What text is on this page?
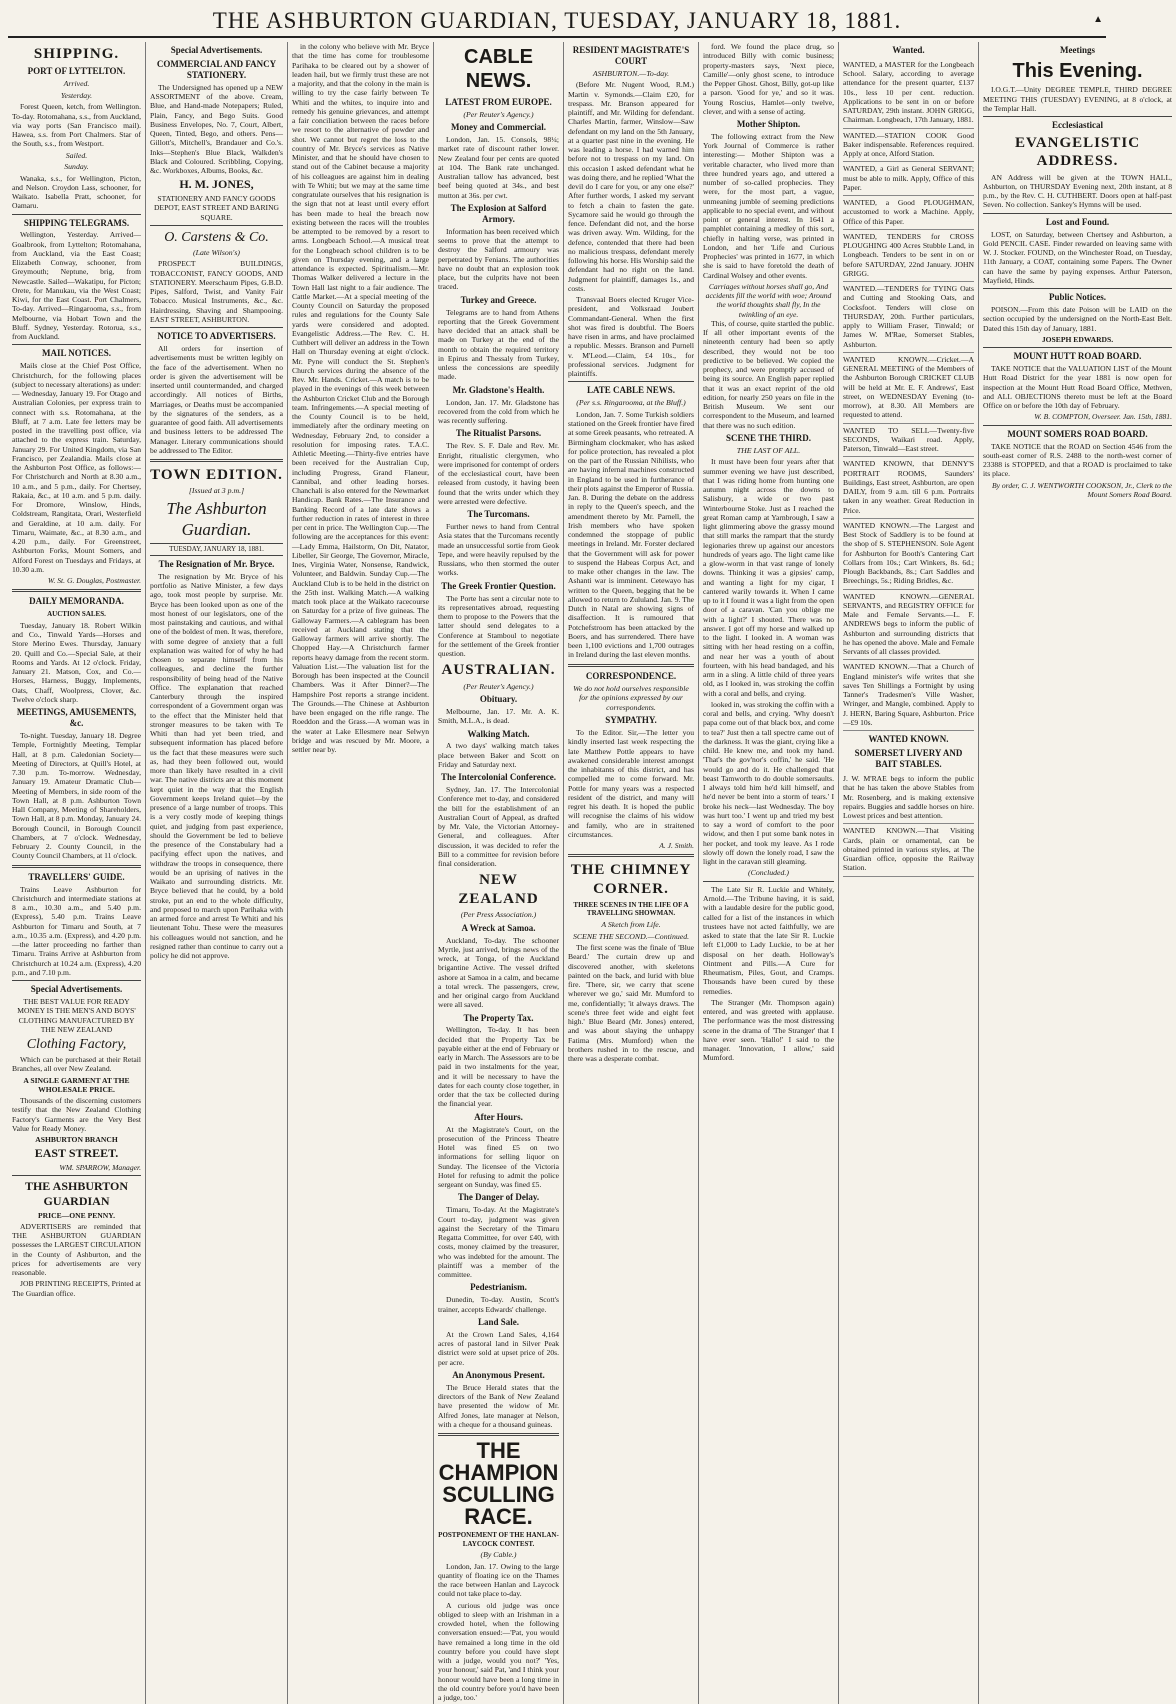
THE ASHBURTON GUARDIAN, TUESDAY, JANUARY 18, 1881.	▲
SHIPPING.
PORT OF LYTTELTON.
Arrived.
Yesterday.

Forest Queen, ketch, from Wellington. To-day. Rotomahana, s.s., from Auckland, via way ports (San Francisco mail). Hawea, s.s. from Port Chalmers. Star of the South, s.s., from Westport.

Sailed.
Sunday.

Wanaka, s.s., for Wellington, Picton, and Nelson. Croydon Lass, schooner, for Waikato. Isabella Pratt, schooner, for Oamaru.

SHIPPING TELEGRAMS.

Wellington, Yesterday. Arrived—Goalbrook, from Lyttelton; Rotomahana, from Auckland, via the East Coast; Elizabeth Conway, schooner, from Greymouth; Neptune, brig, from Newcastle. Sailed—Wakatipu, for Picton; Orete, for Manukau, via the West Coast; Kiwi, for the East Coast. Port Chalmers, To-day. Arrived—Ringarooma, s.s., from Melbourne, via Hobart Town and the Bluff. Sydney, Yesterday. Rotorua, s.s., from Auckland.

MAIL NOTICES.

Mails close at the Chief Post Office, Christchurch, for the following places (subject to necessary alterations) as under:— Wednesday, January 19. For Otago and Australian Colonies, per express train to connect with s.s. Rotomahana, at the Bluff, at 7 a.m. Late fee letters may be posted in the travelling post office, via attached to the express train. Saturday, January 29. For United Kingdom, via San Francisco, per Zealandia. Mails close at the Ashburton Post Office, as follows:— For Christchurch and North at 8.30 a.m., 10 a.m., and 5 p.m., daily. For Chertsey, Rakaia, &c., at 10 a.m. and 5 p.m. daily. For Dromore, Winslow, Hinds, Coldstream, Rangitata, Orari, Westerfield and Geraldine, at 10 a.m. daily. For Timaru, Waimate, &c., at 8.30 a.m., and 4.20 p.m., daily. For Greenstreet, Ashburton Forks, Mount Somers, and Alford Forest on Tuesdays and Fridays, at 10.30 a.m.

W. St. G. Douglas, Postmaster.
DAILY MEMORANDA.
AUCTION SALES.

Tuesday, January 18. Robert Wilkin and Co., Tinwald Yards—Horses and Store Merino Ewes. Thursday, January 20. Quill and Co.—Special Sale, at their Rooms and Yards. At 12 o'clock. Friday, January 21. Matson, Cox, and Co.—Horses, Harness, Buggy, Implements, Oats, Chaff, Woolpress, Clover, &c. Twelve o'clock sharp.

MEETINGS, AMUSEMENTS, &c.

To-night. Tuesday, January 18. Degree Temple, Fortnightly Meeting, Templar Hall, at 8 p.m. Caledonian Society—Meeting of Directors, at Quill's Hotel, at 7.30 p.m. To-morrow. Wednesday, January 19. Amateur Dramatic Club—Meeting of Members, in side room of the Town Hall, at 8 p.m. Ashburton Town Hall Company, Meeting of Shareholders, Town Hall, at 8 p.m. Monday, January 24. Borough Council, in Borough Council Chambers, at 7 o'clock. Wednesday, February 2. County Council, in the County Council Chambers, at 11 o'clock.

TRAVELLERS' GUIDE.

Trains Leave Ashburton for Christchurch and intermediate stations at 8 a.m., 10.30 a.m., and 5.40 p.m. (Express), 5.40 p.m. Trains Leave Ashburton for Timaru and South, at 7 a.m., 10.35 a.m. (Express), and 4.20 p.m.—the latter proceeding no farther than Timaru. Trains Arrive at Ashburton from Christchurch at 10.24 a.m. (Express), 4.20 p.m., and 7.10 p.m.

Special Advertisements.
THE BEST VALUE FOR READY MONEY IS THE MEN'S AND BOYS' CLOTHING MANUFACTURED BY THE NEW ZEALAND
Clothing Factory,

Which can be purchased at their Retail Branches, all over New Zealand.

A SINGLE GARMENT AT THE WHOLESALE PRICE.

Thousands of the discerning customers testify that the New Zealand Clothing Factory's Garments are the Very Best Value for Ready Money.

ASHBURTON BRANCH
EAST STREET.
WM. SPARROW, Manager.
THE ASHBURTON GUARDIAN
PRICE—ONE PENNY.

ADVERTISERS are reminded that THE ASHBURTON GUARDIAN possesses the LARGEST CIRCULATION in the County of Ashburton, and the prices for advertisements are very reasonable.

JOB PRINTING RECEIPTS, Printed at The Guardian office.

Special Advertisements.
COMMERCIAL AND FANCY STATIONERY.

The Undersigned has opened up a NEW ASSORTMENT of the above. Cream, Blue, and Hand-made Notepapers; Ruled, Plain, Fancy, and Bego Suits. Good Business Envelopes, No. 7, Court, Albert, Queen, Tinted, Bego, and others. Pens—Gillott's, Mitchell's, Brandauer and Co.'s. Inks—Stephen's Blue Black, Walkden's Black and Coloured. Scribbling, Copying, &c. Workboxes, Albums, Books, &c.

H. M. JONES,
STATIONERY AND FANCY GOODS DEPOT, EAST STREET AND BARING SQUARE.
O. Carstens & Co.
(Late Wilson's)

PROSPECT BUILDINGS, TOBACCONIST, FANCY GOODS, AND STATIONERY. Meerschaum Pipes, G.B.D. Pipes, Salford, Twist, and Vanity Fair Tobacco. Musical Instruments, &c., &c. Hairdressing, Shaving and Shampooing. EAST STREET, ASHBURTON.

NOTICE TO ADVERTISERS.

All orders for insertion of advertisements must be written legibly on the face of the advertisement. When no order is given the advertisement will be inserted until countermanded, and charged accordingly. All notices of Births, Marriages, or Deaths must be accompanied by the signatures of the senders, as a guarantee of good faith. All advertisements and business letters to be addressed The Manager. Literary communications should be addressed to The Editor.

TOWN EDITION.
[Issued at 3 p.m.]
The Ashburton Guardian.
TUESDAY, JANUARY 18, 1881.
The Resignation of Mr. Bryce.

The resignation by Mr. Bryce of his portfolio as Native Minister, a few days ago, took most people by surprise. Mr. Bryce has been looked upon as one of the most honest of our legislators, one of the most painstaking and cautious, and withal one of the boldest of men. It was, therefore, with some degree of anxiety that a full explanation was waited for of why he had chosen to separate himself from his colleagues, and decline the further responsibility of being head of the Native Office. The explanation that reached Canterbury through the inspired correspondent of a Government organ was to the effect that the Minister held that stronger measures to be taken with Te Whiti than had yet been tried, and subsequent information has placed before us the fact that these measures were such as, had they been followed out, would more than likely have resulted in a civil war. The native districts are at this moment kept quiet in the way that the English Government keeps Ireland quiet—by the presence of a large number of troops. This is a very costly mode of keeping things quiet, and judging from past experience, should the Government be led to believe the presence of the Constabulary had a pacifying effect upon the natives, and withdraw the troops in consequence, there would be an uprising of natives in the Waikato and surrounding districts. Mr. Bryce believed that he could, by a bold stroke, put an end to the whole difficulty, and proposed to march upon Parihaka with an armed force and arrest Te Whiti and his lieutenant Tohu. These were the measures his colleagues would not sanction, and he resigned rather than continue to carry out a policy he did not approve.

in the colony who believe with Mr. Bryce that the time has come for troublesome Parihaka to be cleared out by a shower of leaden hail, but we firmly trust these are not a majority, and that the colony in the main is willing to try the case fairly between Te Whiti and the whites, to inquire into and remedy his genuine grievances, and attempt a fair conciliation between the races before we resort to the alternative of powder and shot. We cannot but regret the loss to the country of Mr. Bryce's services as Native Minister, and that he should have chosen to stand out of the Cabinet because a majority of his colleagues are against him in dealing with Te Whiti; but we may at the same time congratulate ourselves that his resignation is the sign that not at least until every effort has been made to heal the breach now existing between the races will the troubles be attempted to be removed by a resort to arms. Longbeach School.—A musical treat for the Longbeach school children is to be given on Thursday evening, and a large attendance is expected. Spiritualism.—Mr. Thomas Walker delivered a lecture in the Town Hall last night to a fair audience. The Cattle Market.—At a special meeting of the County Council on Saturday the proposed rules and regulations for the County Sale yards were considered and adopted. Evangelistic Address.—The Rev. C. H. Cuthbert will deliver an address in the Town Hall on Thursday evening at eight o'clock. Mr. Pyne will conduct the St. Stephen's Church services during the absence of the Rev. Mr. Hands. Cricket.—A match is to be played in the evenings of this week between the Ashburton Cricket Club and the Borough team. Infringements.—A special meeting of the County Council is to be held, immediately after the ordinary meeting on Wednesday, February 2nd, to consider a resolution for imposing rates. T.A.C. Athletic Meeting.—Thirty-five entries have been received for the Australian Cup, including Progress, Grand Flaneur, Cannibal, and other leading horses. Chanchali is also entered for the Newmarket Handicap. Bank Rates.—The Insurance and Banking Record of a late date shows a further reduction in rates of interest in three per cent in price. The Wellington Cup.—The following are the acceptances for this event:—Lady Emma, Hailstorm, On Dit, Natator, Libeller, Sir George, The Governor, Miracle, Ines, Virginia Water, Nonsense, Randwick, Volunteer, and Baldwin. Sunday Cup.—The Auckland Club is to be held in the district on the 25th inst. Walking Match.—A walking match took place at the Waikato racecourse on Saturday for a prize of five guineas. The Galloway Farmers.—A cablegram has been received at Auckland stating that the Galloway farmers will arrive shortly. The Chopped Hay.—A Christchurch farmer reports heavy damage from the recent storm. Valuation List.—The valuation list for the Borough has been inspected at the Council Chambers. Was it After Dinner?—The Hampshire Post reports a strange incident. The Grounds.—The Chinese at Ashburton have been engaged on the rifle range. The Roeddon and the Grass.—A woman was in the water at Lake Ellesmere near Selwyn bridge and was rescued by Mr. Moore, a settler near by.

CABLE NEWS.
LATEST FROM EUROPE.
(Per Reuter's Agency.)
Money and Commercial.

London, Jan. 15. Consols, 98¼; market rate of discount rather lower. New Zealand four per cents are quoted at 104. The Bank rate unchanged. Australian tallow has advanced, best beef being quoted at 34s., and best mutton at 36s. per cwt.

The Explosion at Salford Armory.

Information has been received which seems to prove that the attempt to destroy the Salford armoury was perpetrated by Fenians. The authorities have no doubt that an explosion took place, but the culprits have not been traced.

Turkey and Greece.

Telegrams are to hand from Athens reporting that the Greek Government have decided that an attack shall be made on Turkey at the end of the month to obtain the required territory in Epirus and Thessaly from Turkey, unless the concessions are speedily made.

Mr. Gladstone's Health.

London, Jan. 17. Mr. Gladstone has recovered from the cold from which he was recently suffering.

The Ritualist Parsons.

The Rev. S. F. Dale and Rev. Mr. Enright, ritualistic clergymen, who were imprisoned for contempt of orders of the ecclesiastical court, have been released from custody, it having been found that the writs under which they were arrested were defective.

The Turcomans.

Further news to hand from Central Asia states that the Turcomans recently made an unsuccessful sortie from Geok Tepe, and were heavily repulsed by the Russians, who then stormed the outer works.

The Greek Frontier Question.

The Porte has sent a circular note to its representatives abroad, requesting them to propose to the Powers that the latter should send delegates to a Conference at Stamboul to negotiate for the settlement of the Greek frontier question.

AUSTRALIAN.
(Per Reuter's Agency.)
Obituary.

Melbourne, Jan. 17. Mr. A. K. Smith, M.L.A., is dead.

Walking Match.

A two days' walking match takes place between Baker and Scott on Friday and Saturday next.

The Intercolonial Conference.

Sydney, Jan. 17. The Intercolonial Conference met to-day, and considered the bill for the establishment of an Australian Court of Appeal, as drafted by Mr. Vale, the Victorian Attorney-General, and colleagues. After discussion, it was decided to refer the Bill to a committee for revision before final consideration.

NEW ZEALAND
(Per Press Association.)
A Wreck at Samoa.

Auckland, To-day. The schooner Myrtle, just arrived, brings news of the wreck, at Tonga, of the Auckland brigantine Active. The vessel drifted ashore at Samoa in a calm, and became a total wreck. The passengers, crew, and her original cargo from Auckland were all saved.

The Property Tax.

Wellington, To-day. It has been decided that the Property Tax be payable either at the end of February or early in March. The Assessors are to be paid in two instalments for the year, and it will be necessary to have the dates for each county close together, in order that the tax be collected during the financial year.

After Hours.

At the Magistrate's Court, on the prosecution of the Princess Theatre Hotel was fined £5 on two informations for selling liquor on Sunday. The licensee of the Victoria Hotel for refusing to admit the police sergeant on Sunday, was fined £5.

The Danger of Delay.

Timaru, To-day. At the Magistrate's Court to-day, judgment was given against the Secretary of the Timaru Regatta Committee, for over £40, with costs, money claimed by the treasurer, who was indebted for the amount. The plaintiff was a member of the committee.

Pedestrianism.

Dunedin, To-day. Austin, Scott's trainer, accepts Edwards' challenge.

Land Sale.

At the Crown Land Sales, 4,164 acres of pastoral land in Silver Peak district were sold at upset price of 20s. per acre.

An Anonymous Present.

The Bruce Herald states that the directors of the Bank of New Zealand have presented the widow of Mr. Alfred Jones, late manager at Nelson, with a cheque for a thousand guineas.

THE CHAMPION SCULLING RACE.
POSTPONEMENT OF THE HANLAN-LAYCOCK CONTEST.
(By Cable.)

London, Jan. 17. Owing to the large quantity of floating ice on the Thames the race between Hanlan and Laycock could not take place to-day.

A curious old judge was once obliged to sleep with an Irishman in a crowded hotel, when the following conversation ensued:—'Pat, you would have remained a long time in the old country before you could have slept with a judge, would you not?' 'Yes, your honour,' said Pat, 'and I think your honour would have been a long time in the old country before you'd have been a judge, too.'

RESIDENT MAGISTRATE'S COURT
ASHBURTON.—To-day.

(Before Mr. Nugent Wood, R.M.) Martin v. Symonds.—Claim £20, for trespass. Mr. Branson appeared for plaintiff, and Mr. Wilding for defendant. Charles Martin, farmer, Winslow—Saw defendant on my land on the 5th January, at a quarter past nine in the evening. He was leading a horse. I had warned him before not to trespass on my land. On this occasion I asked defendant what he was doing there, and he replied 'What the devil do I care for you, or any one else?' After further words, I asked my servant to fetch a chain to fasten the gate. Sycamore said he would go through the fence. Defendant did not, and the horse was driven away. Wm. Wilding, for the defence, contended that there had been no malicious trespass, defendant merely following his horse. His Worship said the defendant had no right on the land. Judgment for plaintiff, damages 1s., and costs.

Transvaal Boers elected Kruger Vice-president, and Volksraad Joubert Commandant-General. When the first shot was fired is doubtful. The Boers have risen in arms, and have proclaimed a republic. Messrs. Branson and Purnell v. M'Leod.—Claim, £4 10s., for professional services. Judgment for plaintiffs.

LATE CABLE NEWS.
(Per s.s. Ringarooma, at the Bluff.)

London, Jan. 7. Some Turkish soldiers stationed on the Greek frontier have fired at some Greek peasants, who retreated. A Birmingham clockmaker, who has asked for police protection, has revealed a plot on the part of the Russian Nihilists, who are having infernal machines constructed in England to be used in furtherance of their plots against the Emperor of Russia. Jan. 8. During the debate on the address in reply to the Queen's speech, and the amendment thereto by Mr. Parnell, the Irish members who have spoken condemned the stoppage of public meetings in Ireland. Mr. Forster declared that the Government will ask for power to suspend the Habeas Corpus Act, and to make other changes in the law. The Ashanti war is imminent. Cetewayo has written to the Queen, begging that he be allowed to return to Zululand. Jan. 9. The Dutch in Natal are showing signs of disaffection. It is rumoured that Potchefstroom has been attacked by the Boers, and has surrendered. There have been 1,100 evictions and 1,700 outrages in Ireland during the last eleven months.

CORRESPONDENCE.
We do not hold ourselves responsible for the opinions expressed by our correspondents.
SYMPATHY.

To the Editor. Sir,—The letter you kindly inserted last week respecting the late Matthew Pottle appears to have awakened considerable interest amongst the inhabitants of this district, and has compelled me to come forward. Mr. Pottle for many years was a respected resident of the district, and many will regret his death. It is hoped the public will recognise the claims of his widow and family, who are in straitened circumstances.

A. J. Smith.
THE CHIMNEY CORNER.
THREE SCENES IN THE LIFE OF A TRAVELLING SHOWMAN.
A Sketch from Life.
SCENE THE SECOND.—Continued.

The first scene was the finale of 'Blue Beard.' The curtain drew up and discovered another, with skeletons painted on the back, and lurid with blue fire. 'There, sir, we carry that scene wherever we go,' said Mr. Mumford to me, confidentially; 'it always draws. The scene's three feet wide and eight feet high.' Blue Beard (Mr. Jones) entered, and was about slaying the unhappy Fatima (Mrs. Mumford) when the brothers rushed in to the rescue, and there was a desperate combat.

ford. We found the place drug, so introduced Billy with comic business; property-masters says, 'Next piece, Camille'—only ghost scene, to introduce the Pepper Ghost. Ghost, Billy, got-up like a parson. 'Good for ye,' and so it was. Young Roscius, Hamlet—only twelve, clever, and with a sense of acting.

Mother Shipton.

The following extract from the New York Journal of Commerce is rather interesting:— Mother Shipton was a veritable character, who lived more than three hundred years ago, and uttered a number of so-called prophecies. They were, for the most part, a vague, unmeaning jumble of seeming predictions applicable to no special event, and without point or general interest. In 1641 a pamphlet containing a medley of this sort, chiefly in halting verse, was printed in London, and her 'Life and Curious Prophecies' was printed in 1677, in which she is said to have foretold the death of Cardinal Wolsey and other events.

Carriages without horses shall go, And accidents fill the world with woe; Around the world thoughts shall fly, In the twinkling of an eye.

This, of course, quite startled the public. If all other important events of the nineteenth century had been so aptly described, they would not be too predictive to be believed. We copied the prophecy, and were promptly accused of being its source. An English paper replied that it was an exact reprint of the old edition, for nearly 250 years on file in the British Museum. We sent our correspondent to the Museum, and learned that there was no such edition.

SCENE THE THIRD.
THE LAST OF ALL.

It must have been four years after that summer evening we have just described, that I was riding home from hunting one autumn night across the downs to Salisbury, a wide or two past Winterbourne Stoke. Just as I reached the great Roman camp at Yarnbrough, I saw a light glimmering above the grassy mound that still marks the rampart that the sturdy legionaries threw up against our ancestors hundreds of years ago. The light came like a glow-worm in that vast range of lonely downs. Thinking it was a gipsies' camp, and wanting a light for my cigar, I cantered warily towards it. When I came up to it I found it was a light from the open door of a caravan. 'Can you oblige me with a light?' I shouted. There was no answer. I got off my horse and walked up to the light. I looked in. A woman was sitting with her head resting on a coffin, and near her was a youth of about fourteen, with his head bandaged, and his arm in a sling. A little child of three years old, as I looked in, was stroking the coffin with a coral and bells, and crying.

looked in, was stroking the coffin with a coral and bells, and crying. 'Why doesn't papa come out of that black box, and come to tea?' Just then a tall spectre came out of the darkness. It was the giant, crying like a child. He knew me, and took my hand. 'That's the gov'nor's coffin,' he said. 'He would go and do it. He challenged that beast Tamworth to do double somersaults. I always told him he'd kill himself, and he'd never be bent into a storm of tears.' I broke his neck—last Wednesday. The boy was hurt too.' I went up and tried my best to say a word of comfort to the poor widow, and then I put some bank notes in her pocket, and took my leave. As I rode slowly off down the lonely road, I saw the light in the caravan still gleaming.

(Concluded.)

The Late Sir R. Luckie and Whitely, Arnold.—The Tribune having, it is said, with a laudable desire for the public good, called for a list of the instances in which trustees have not acted faithfully, we are asked to state that the late Sir R. Luckie left £1,000 to Lady Luckie, to be at her disposal on her death. Holloway's Ointment and Pills.—A Cure for Rheumatism, Piles, Gout, and Cramps. Thousands have been cured by these remedies.

The Stranger (Mr. Thompson again) entered, and was greeted with applause. The performance was the most distressing scene in the drama of 'The Stranger' that I have ever seen. 'Hallo!' I said to the manager. 'Innovation, I allow,' said Mumford.

Wanted.
WANTED, a MASTER for the Longbeach School. Salary, according to average attendance for the present quarter, £137 10s., less 10 per cent. reduction. Applications to be sent in on or before SATURDAY, 29th instant. JOHN GRIGG, Chairman. Longbeach, 17th January, 1881.
WANTED.—STATION COOK Good Baker indispensable. References required. Apply at once, Alford Station.
WANTED, a Girl as General SERVANT; must be able to milk. Apply, Office of this Paper.
WANTED, a Good PLOUGHMAN, accustomed to work a Machine. Apply, Office of this Paper.
WANTED, TENDERS for CROSS PLOUGHING 400 Acres Stubble Land, in Longbeach. Tenders to be sent in on or before SATURDAY, 22nd January. JOHN GRIGG.
WANTED.—TENDERS for TYING Oats and Cutting and Stooking Oats, and Cocksfoot. Tenders will close on THURSDAY, 20th. Further particulars, apply to William Fraser, Tinwald; or James W. M'Rae, Somerset Stables, Ashburton.
WANTED KNOWN.—Cricket.—A GENERAL MEETING of the Members of the Ashburton Borough CRICKET CLUB will be held at Mr. E. F. Andrews', East street, on WEDNESDAY Evening (to-morrow), at 8.30. All Members are requested to attend.
WANTED TO SELL—Twenty-five SECONDS, Waikari road. Apply, Paterson, Tinwald—East street.
WANTED KNOWN, that DENNY'S PORTRAIT ROOMS, Saunders' Buildings, East street, Ashburton, are open DAILY, from 9 a.m. till 6 p.m. Portraits taken in any weather. Great Reduction in Price.
WANTED KNOWN.—The Largest and Best Stock of Saddlery is to be found at the shop of S. STEPHENSON. Sole Agent for Ashburton for Booth's Cantering Cart Collars from 10s.; Cart Winkers, 8s. 6d.; Plough Backbands, 8s.; Cart Saddles and Breechings, 5s.; Riding Bridles, &c.
WANTED KNOWN.—GENERAL SERVANTS, and REGISTRY OFFICE for Male and Female Servants.—L. F. ANDREWS begs to inform the public of Ashburton and surrounding districts that he has opened the above. Male and Female Servants of all classes provided.
WANTED KNOWN.—That a Church of England minister's wife writes that she saves Ten Shillings a Fortnight by using Tanner's Tradesmen's Ville Washer, Wringer, and Mangle, combined. Apply to J. HERN, Baring Square, Ashburton. Price—£9 10s.
WANTED KNOWN.
SOMERSET LIVERY AND BAIT STABLES.
J. W. M'RAE begs to inform the public that he has taken the above Stables from Mr. Rosenberg, and is making extensive repairs. Buggies and saddle horses on hire. Lowest prices and best attention.
WANTED KNOWN.—That Visiting Cards, plain or ornamental, can be obtained printed in various styles, at The Guardian office, opposite the Railway Station.
Meetings
This Evening.

I.O.G.T.—Unity DEGREE TEMPLE, THIRD DEGREE MEETING THIS (TUESDAY) EVENING, at 8 o'clock, at the Templar Hall.

Ecclesiastical
EVANGELISTIC ADDRESS.

AN Address will be given at the TOWN HALL, Ashburton, on THURSDAY Evening next, 20th instant, at 8 p.m., by the Rev. C. H. CUTHBERT. Doors open at half-past Seven. No collection. Sankey's Hymns will be used.

Lost and Found.

LOST, on Saturday, between Chertsey and Ashburton, a Gold PENCIL CASE. Finder rewarded on leaving same with W. J. Stocker. FOUND, on the Winchester Road, on Tuesday, 11th January, a COAT, containing some Papers. The Owner can have the same by paying expenses. Arthur Paterson, Mayfield, Hinds.

Public Notices.

POISON.—From this date Poison will be LAID on the section occupied by the undersigned on the North-East Belt. Dated this 15th day of January, 1881.

JOSEPH EDWARDS.
MOUNT HUTT ROAD BOARD.

TAKE NOTICE that the VALUATION LIST of the Mount Hutt Road District for the year 1881 is now open for inspection at the Mount Hutt Road Board Office, Methven, and ALL OBJECTIONS thereto must be left at the Board Office on or before the 10th day of February.

W. B. COMPTON, Overseer. Jan. 15th, 1881.
MOUNT SOMERS ROAD BOARD.

TAKE NOTICE that the ROAD on Section 4546 from the south-east corner of R.S. 2488 to the north-west corner of 23388 is STOPPED, and that a ROAD is proclaimed to take its place.

By order, C. J. WENTWORTH COOKSON, Jr., Clerk to the Mount Somers Road Board.
